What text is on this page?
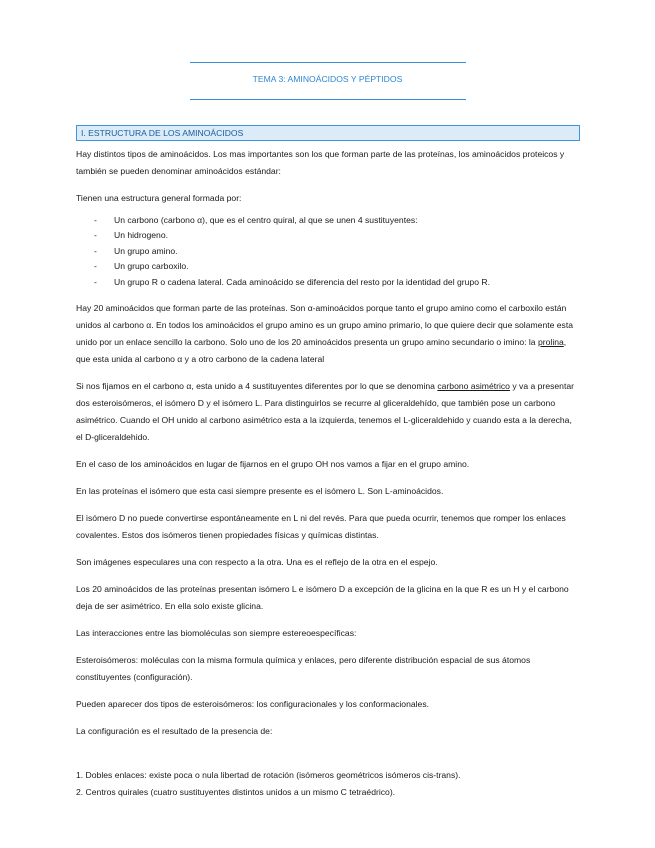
TEMA 3: AMINOÁCIDOS Y PÉPTIDOS
I. ESTRUCTURA DE LOS AMINOÁCIDOS

Hay distintos tipos de aminoácidos. Los mas importantes son los que forman parte de las proteínas, los aminoácidos proteicos y también se pueden denominar aminoácidos estándar:

Tienen una estructura general formada por:

- Un carbono (carbono α), que es el centro quiral, al que se unen 4 sustituyentes:
- Un hidrogeno.
- Un grupo amino.
- Un grupo carboxilo.
- Un grupo R o cadena lateral. Cada aminoácido se diferencia del resto por la identidad del grupo R.

Hay 20 aminoácidos que forman parte de las proteínas. Son α-aminoácidos porque tanto el grupo amino como el carboxilo están unidos al carbono α. En todos los aminoácidos el grupo amino es un grupo amino primario, lo que quiere decir que solamente esta unido por un enlace sencillo la carbono. Solo uno de los 20 aminoácidos presenta un grupo amino secundario o imino: la prolina, que esta unida al carbono α y a otro carbono de la cadena lateral

Si nos fijamos en el carbono α, esta unido a 4 sustituyentes diferentes por lo que se denomina carbono asimétrico y va a presentar dos esteroisómeros, el isómero D y el isómero L. Para distinguirlos se recurre al gliceraldehído, que también pose un carbono asimétrico. Cuando el OH unido al carbono asimétrico esta a la izquierda, tenemos el L-gliceraldehido y cuando esta a la derecha, el D-gliceraldehido.

En el caso de los aminoácidos en lugar de fijarnos en el grupo OH nos vamos a fijar en el grupo amino.

En las proteínas el isómero que esta casi siempre presente es el isómero L. Son L-aminoácidos.

El isómero D no puede convertirse espontáneamente en L ni del revés. Para que pueda ocurrir, tenemos que romper los enlaces covalentes. Estos dos isómeros tienen propiedades físicas y químicas distintas.

Son imágenes especulares una con respecto a la otra. Una es el reflejo de la otra en el espejo.

Los 20 aminoácidos de las proteínas presentan isómero L e isómero D a excepción de la glicina en la que R es un H y el carbono deja de ser asimétrico. En ella solo existe glicina.

Las interacciones entre las biomoléculas son siempre estereoespecíficas:

Esteroisómeros: moléculas con la misma formula química y enlaces, pero diferente distribución espacial de sus átomos constituyentes (configuración).

Pueden aparecer dos tipos de esteroisómeros: los configuracionales y los conformacionales.

La configuración es el resultado de la presencia de:

1. Dobles enlaces: existe poca o nula libertad de rotación (isómeros geométricos isómeros cis-trans).
2. Centros quirales (cuatro sustituyentes distintos unidos a un mismo C tetraédrico).
